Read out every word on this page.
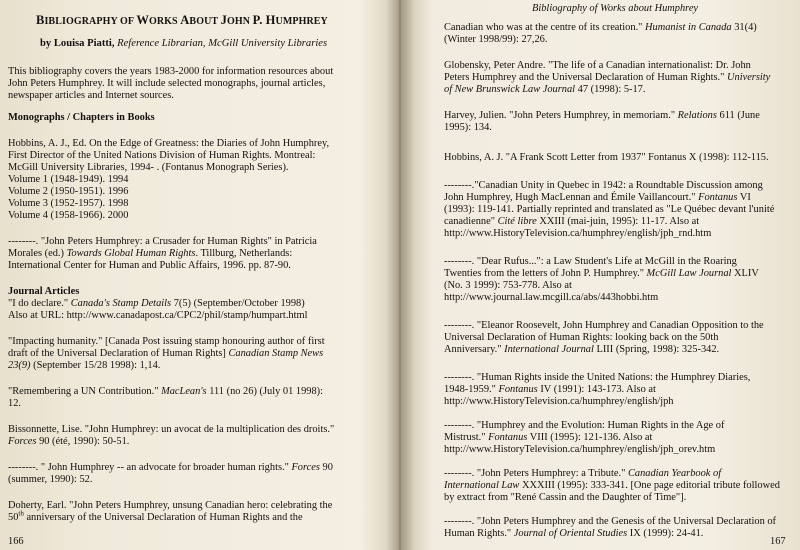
BIBLIOGRAPHY OF WORKS ABOUT JOHN P. HUMPHREY
by Louisa Piatti, Reference Librarian, McGill University Libraries
This bibliography covers the years 1983-2000 for information resources about
John Peters Humphrey. It will include selected monographs, journal articles,
newspaper articles and Internet sources.
Monographs / Chapters in Books
Hobbins, A. J., Ed. On the Edge of Greatness: the Diaries of John Humphrey,
First Director of the United Nations Division of Human Rights. Montreal:
McGill University Libraries, 1994- . (Fontanus Monograph Series).
Volume 1 (1948-1949). 1994
Volume 2 (1950-1951). 1996
Volume 3 (1952-1957). 1998
Volume 4 (1958-1966). 2000
--------. "John Peters Humphrey: a Crusader for Human Rights" in Patricia
Morales (ed.) Towards Global Human Rights. Tillburg, Netherlands:
International Center for Human and Public Affairs, 1996. pp. 87-90.
Journal Articles
"I do declare." Canada's Stamp Details 7(5) (September/October 1998)
Also at URL: http://www.canadapost.ca/CPC2/phil/stamp/humpart.html
"Impacting humanity." [Canada Post issuing stamp honouring author of first
draft of the Universal Declaration of Human Rights] Canadian Stamp News
23(9) (September 15/28 1998): 1,14.
"Remembering a UN Contribution." MacLean's 111 (no 26) (July 01 1998):
12.
Bissonnette, Lise. "John Humphrey: un avocat de la multiplication des droits."
Forces 90 (été, 1990): 50-51.
--------. " John Humphrey -- an advocate for broader human rights." Forces 90
(summer, 1990): 52.
Doherty, Earl. "John Peters Humphrey, unsung Canadian hero: celebrating the
50th anniversary of the Universal Declaration of Human Rights and the
166
Bibliography of Works about Humphrey
Canadian who was at the centre of its creation." Humanist in Canada 31(4)
(Winter 1998/99): 27,26.
Globensky, Peter Andre. "The life of a Canadian internationalist: Dr. John
Peters Humphrey and the Universal Declaration of Human Rights." University
of New Brunswick Law Journal 47 (1998): 5-17.
Harvey, Julien. "John Peters Humphrey, in memoriam." Relations 611 (June
1995): 134.
Hobbins, A. J. "A Frank Scott Letter from 1937" Fontanus X (1998): 112-115.
--------."Canadian Unity in Quebec in 1942: a Roundtable Discussion among
John Humphrey, Hugh MacLennan and Émile Vaillancourt." Fontanus VI
(1993): 119-141. Partially reprinted and translated as "Le Québec devant l'unité
canadienne" Cité libre XXIII (mai-juin, 1995): 11-17. Also at
http://www.HistoryTelevision.ca/humphrey/english/jph_rnd.htm
--------. "Dear Rufus...": a Law Student's Life at McGill in the Roaring
Twenties from the letters of John P. Humphrey." McGill Law Journal XLIV
(No. 3 1999): 753-778. Also at
http://www.journal.law.mcgill.ca/abs/443hobbi.htm
--------. "Eleanor Roosevelt, John Humphrey and Canadian Opposition to the
Universal Declaration of Human Rights: looking back on the 50th
Anniversary." International Journal LIII (Spring, 1998): 325-342.
--------. "Human Rights inside the United Nations: the Humphrey Diaries,
1948-1959." Fontanus IV (1991): 143-173. Also at
http://www.HistoryTelevision.ca/humphrey/english/jph
--------. "Humphrey and the Evolution: Human Rights in the Age of
Mistrust." Fontanus VIII (1995): 121-136. Also at
http://www.HistoryTelevision.ca/humphrey/english/jph_orev.htm
--------. "John Peters Humphrey: a Tribute." Canadian Yearbook of
International Law XXXIII (1995): 333-341. [One page editorial tribute followed
by extract from "René Cassin and the Daughter of Time"].
--------. "John Peters Humphrey and the Genesis of the Universal Declaration of
Human Rights." Journal of Oriental Studies IX (1999): 24-41.
167
